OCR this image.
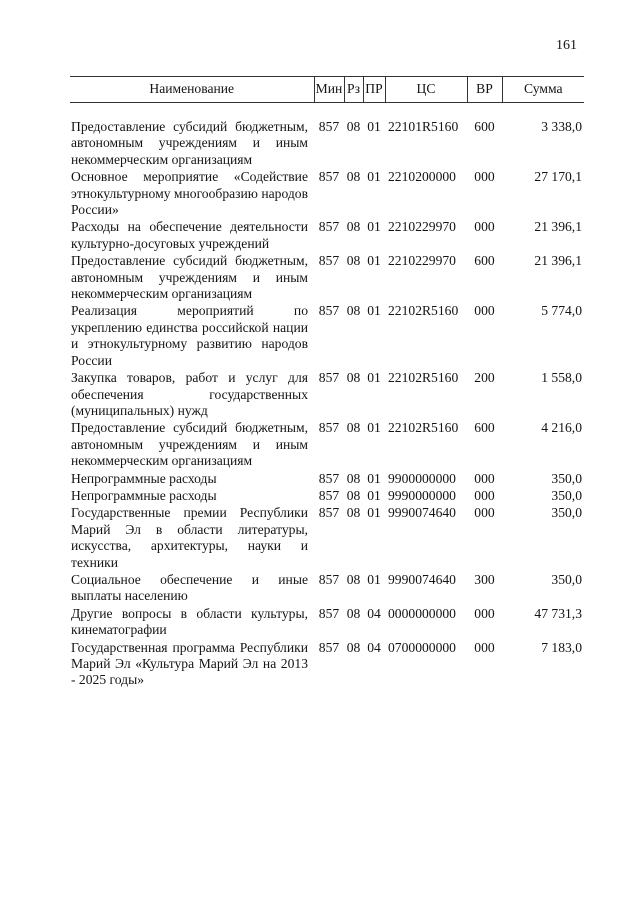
161
Наименование	Мин	Рз	ПР	ЦС	ВР	Сумма

Предоставление субсидий бюджетным, автономным учреждениям и иным некоммерческим организациям	857	08	01	22101R5160	600	3 338,0
Основное мероприятие «Содействие этнокультурному многообразию народов России»	857	08	01	2210200000	000	27 170,1
Расходы на обеспечение деятельности культурно-досуговых учреждений	857	08	01	2210229970	000	21 396,1
Предоставление субсидий бюджетным, автономным учреждениям и иным некоммерческим организациям	857	08	01	2210229970	600	21 396,1
Реализация мероприятий по укреплению единства российской нации и этнокультурному развитию народов России	857	08	01	22102R5160	000	5 774,0
Закупка товаров, работ и услуг для обеспечения государственных (муниципальных) нужд	857	08	01	22102R5160	200	1 558,0
Предоставление субсидий бюджетным, автономным учреждениям и иным некоммерческим организациям	857	08	01	22102R5160	600	4 216,0
Непрограммные расходы	857	08	01	9900000000	000	350,0
Непрограммные расходы	857	08	01	9990000000	000	350,0
Государственные премии Республики Марий Эл в области литературы, искусства, архитектуры, науки и техники	857	08	01	9990074640	000	350,0
Социальное обеспечение и иные выплаты населению	857	08	01	9990074640	300	350,0
Другие вопросы в области культуры, кинематографии	857	08	04	0000000000	000	47 731,3
Государственная программа Республики Марий Эл «Культура Марий Эл на 2013 - 2025 годы»	857	08	04	0700000000	000	7 183,0
